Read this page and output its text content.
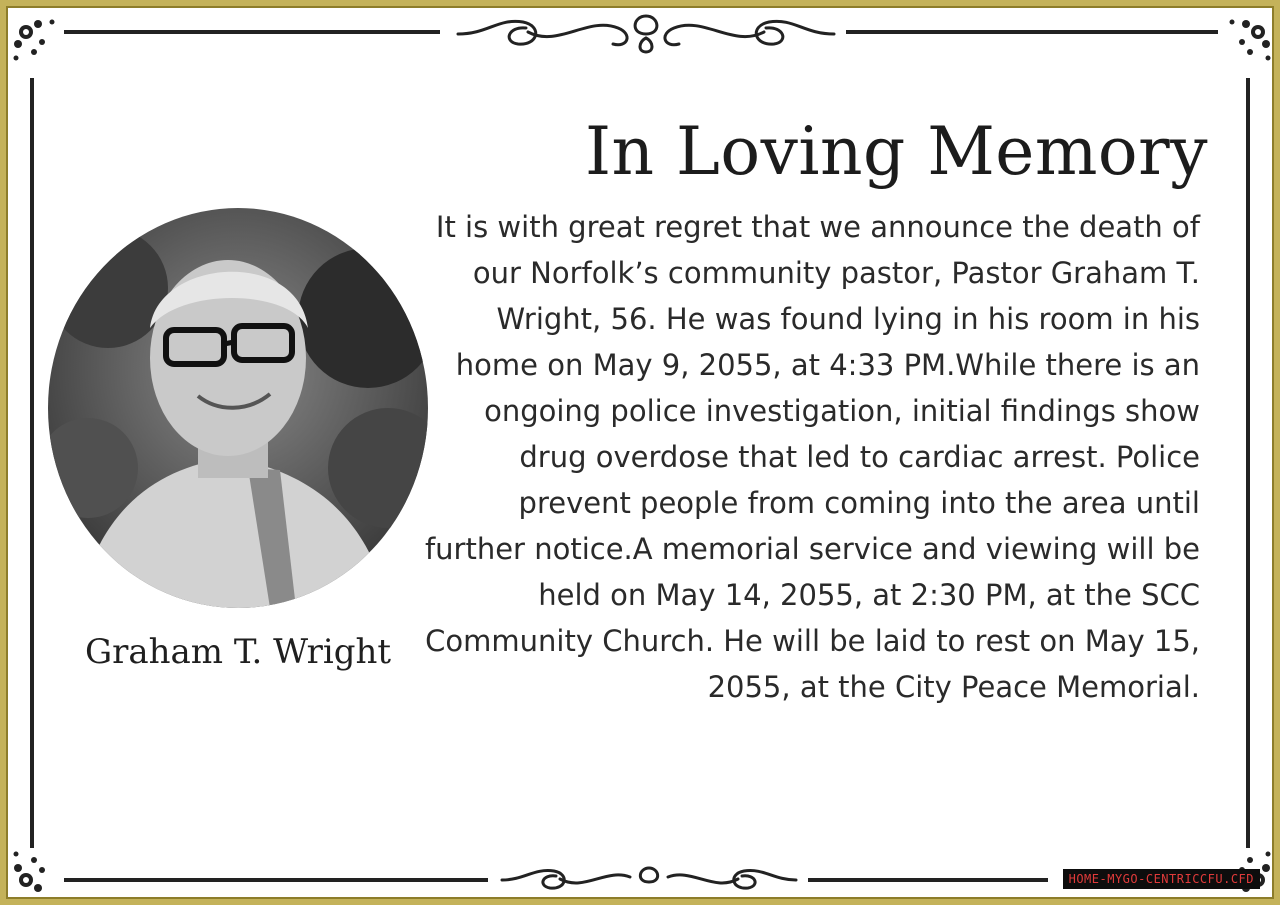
Graham T. Wright
In Loving Memory

It is with great regret that we announce the death of our Norfolk’s community pastor, Pastor Graham T. Wright, 56. He was found lying in his room in his home on May 9, 2055, at 4:33 PM.While there is an ongoing police investigation, initial findings show drug overdose that led to cardiac arrest. Police prevent people from coming into the area until further notice.A memorial service and viewing will be held on May 14, 2055, at 2:30 PM, at the SCC Community Church. He will be laid to rest on May 15, 2055, at the City Peace Memorial.

HOME-MYGO-CENTRICCFU.CFD
